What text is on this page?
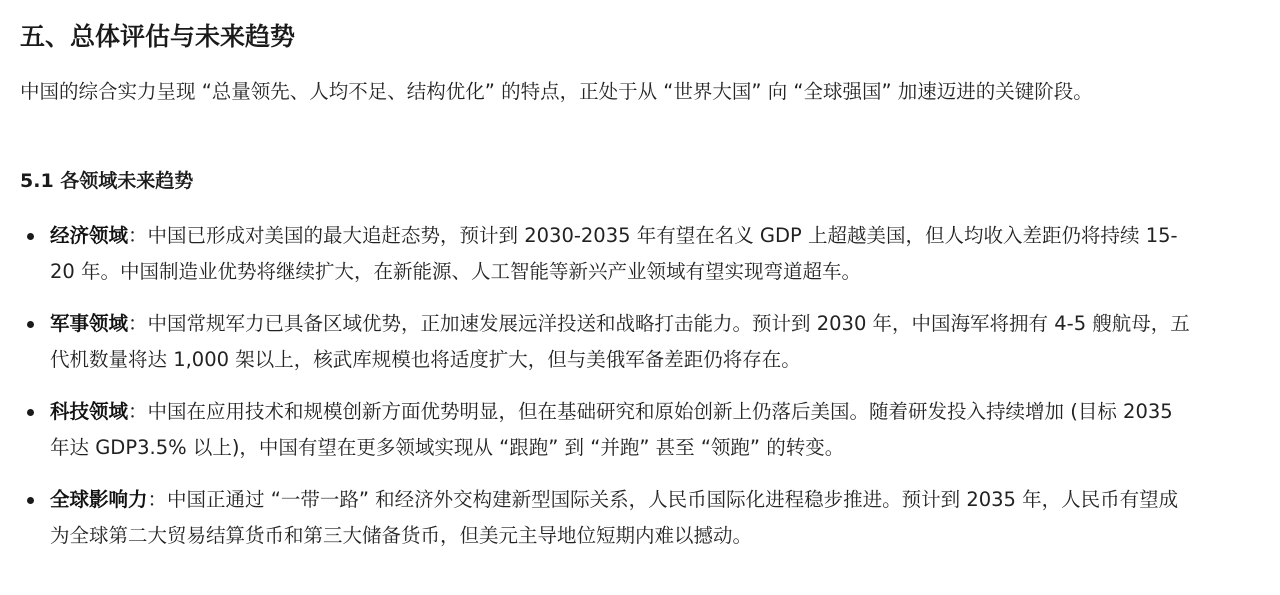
五、总体评估与未来趋势

中国的综合实力呈现 “总量领先、人均不足、结构优化” 的特点，正处于从 “世界大国” 向 “全球强国” 加速迈进的关键阶段。

5.1 各领域未来趋势
经济领域：中国已形成对美国的最大追赶态势，预计到 2030-2035 年有望在名义 GDP 上超越美国，但人均收入差距仍将持续 15-20 年。中国制造业优势将继续扩大，在新能源、人工智能等新兴产业领域有望实现弯道超车。
军事领域：中国常规军力已具备区域优势，正加速发展远洋投送和战略打击能力。预计到 2030 年，中国海军将拥有 4-5 艘航母，五代机数量将达 1,000 架以上，核武库规模也将适度扩大，但与美俄军备差距仍将存在。
科技领域：中国在应用技术和规模创新方面优势明显，但在基础研究和原始创新上仍落后美国。随着研发投入持续增加 (目标 2035 年达 GDP3.5% 以上)，中国有望在更多领域实现从 “跟跑” 到 “并跑” 甚至 “领跑” 的转变。
全球影响力：中国正通过 “一带一路” 和经济外交构建新型国际关系，人民币国际化进程稳步推进。预计到 2035 年，人民币有望成为全球第二大贸易结算货币和第三大储备货币，但美元主导地位短期内难以撼动。
